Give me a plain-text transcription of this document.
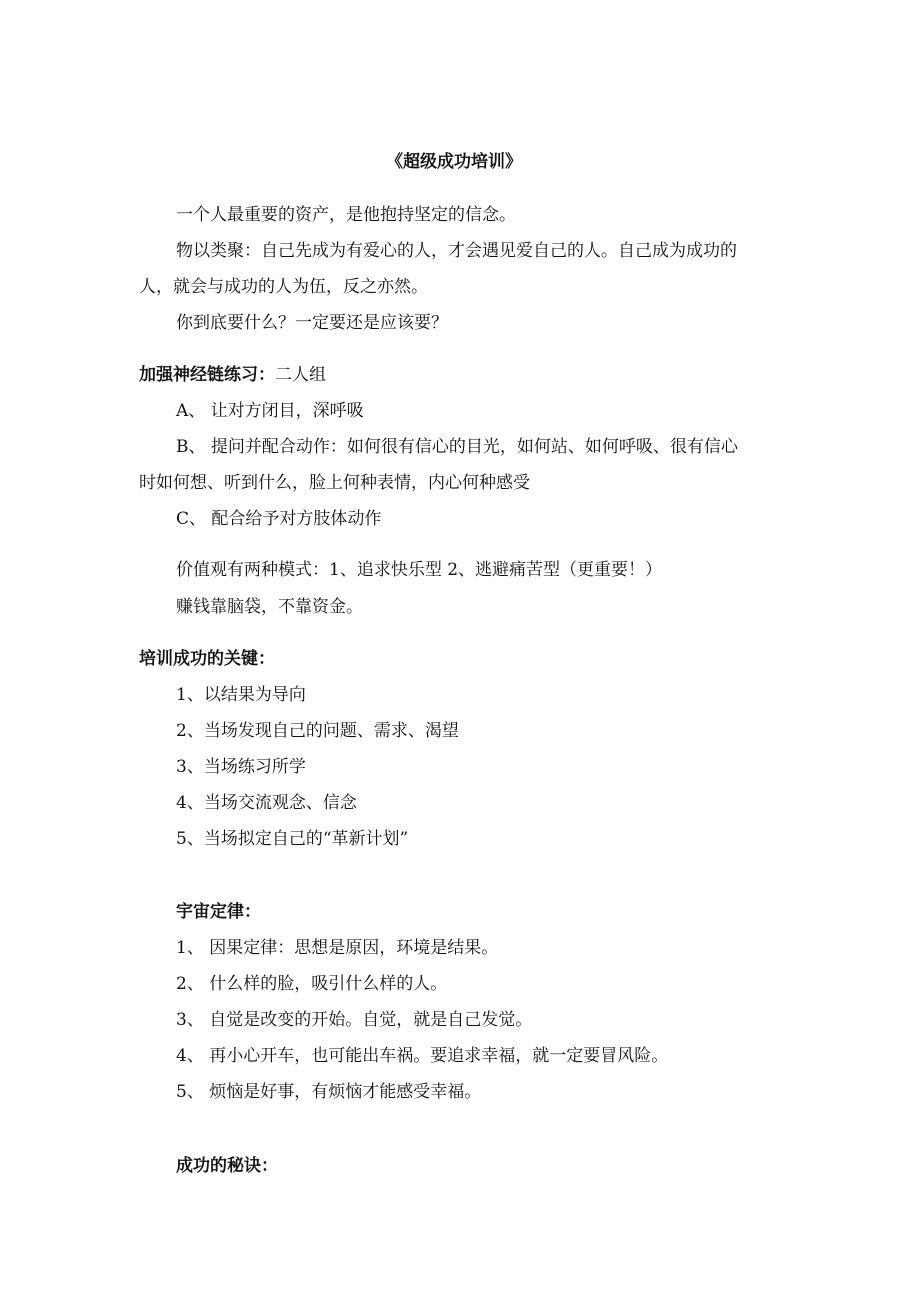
《超级成功培训》
一个人最重要的资产，是他抱持坚定的信念。
物以类聚：自己先成为有爱心的人，才会遇见爱自己的人。自己成为成功的
人，就会与成功的人为伍，反之亦然。
你到底要什么？一定要还是应该要？
加强神经链练习：二人组
A、 让对方闭目，深呼吸
B、 提问并配合动作：如何很有信心的目光，如何站、如何呼吸、很有信心
时如何想、听到什么，脸上何种表情，内心何种感受
C、 配合给予对方肢体动作
价值观有两种模式：1、追求快乐型 2、逃避痛苦型（更重要！）
赚钱靠脑袋，不靠资金。
培训成功的关键：
1、以结果为导向
2、当场发现自己的问题、需求、渴望
3、当场练习所学
4、当场交流观念、信念
5、当场拟定自己的“革新计划”
宇宙定律：
1、 因果定律：思想是原因，环境是结果。
2、 什么样的脸，吸引什么样的人。
3、 自觉是改变的开始。自觉，就是自己发觉。
4、 再小心开车，也可能出车祸。要追求幸福，就一定要冒风险。
5、 烦恼是好事，有烦恼才能感受幸福。
成功的秘诀：
